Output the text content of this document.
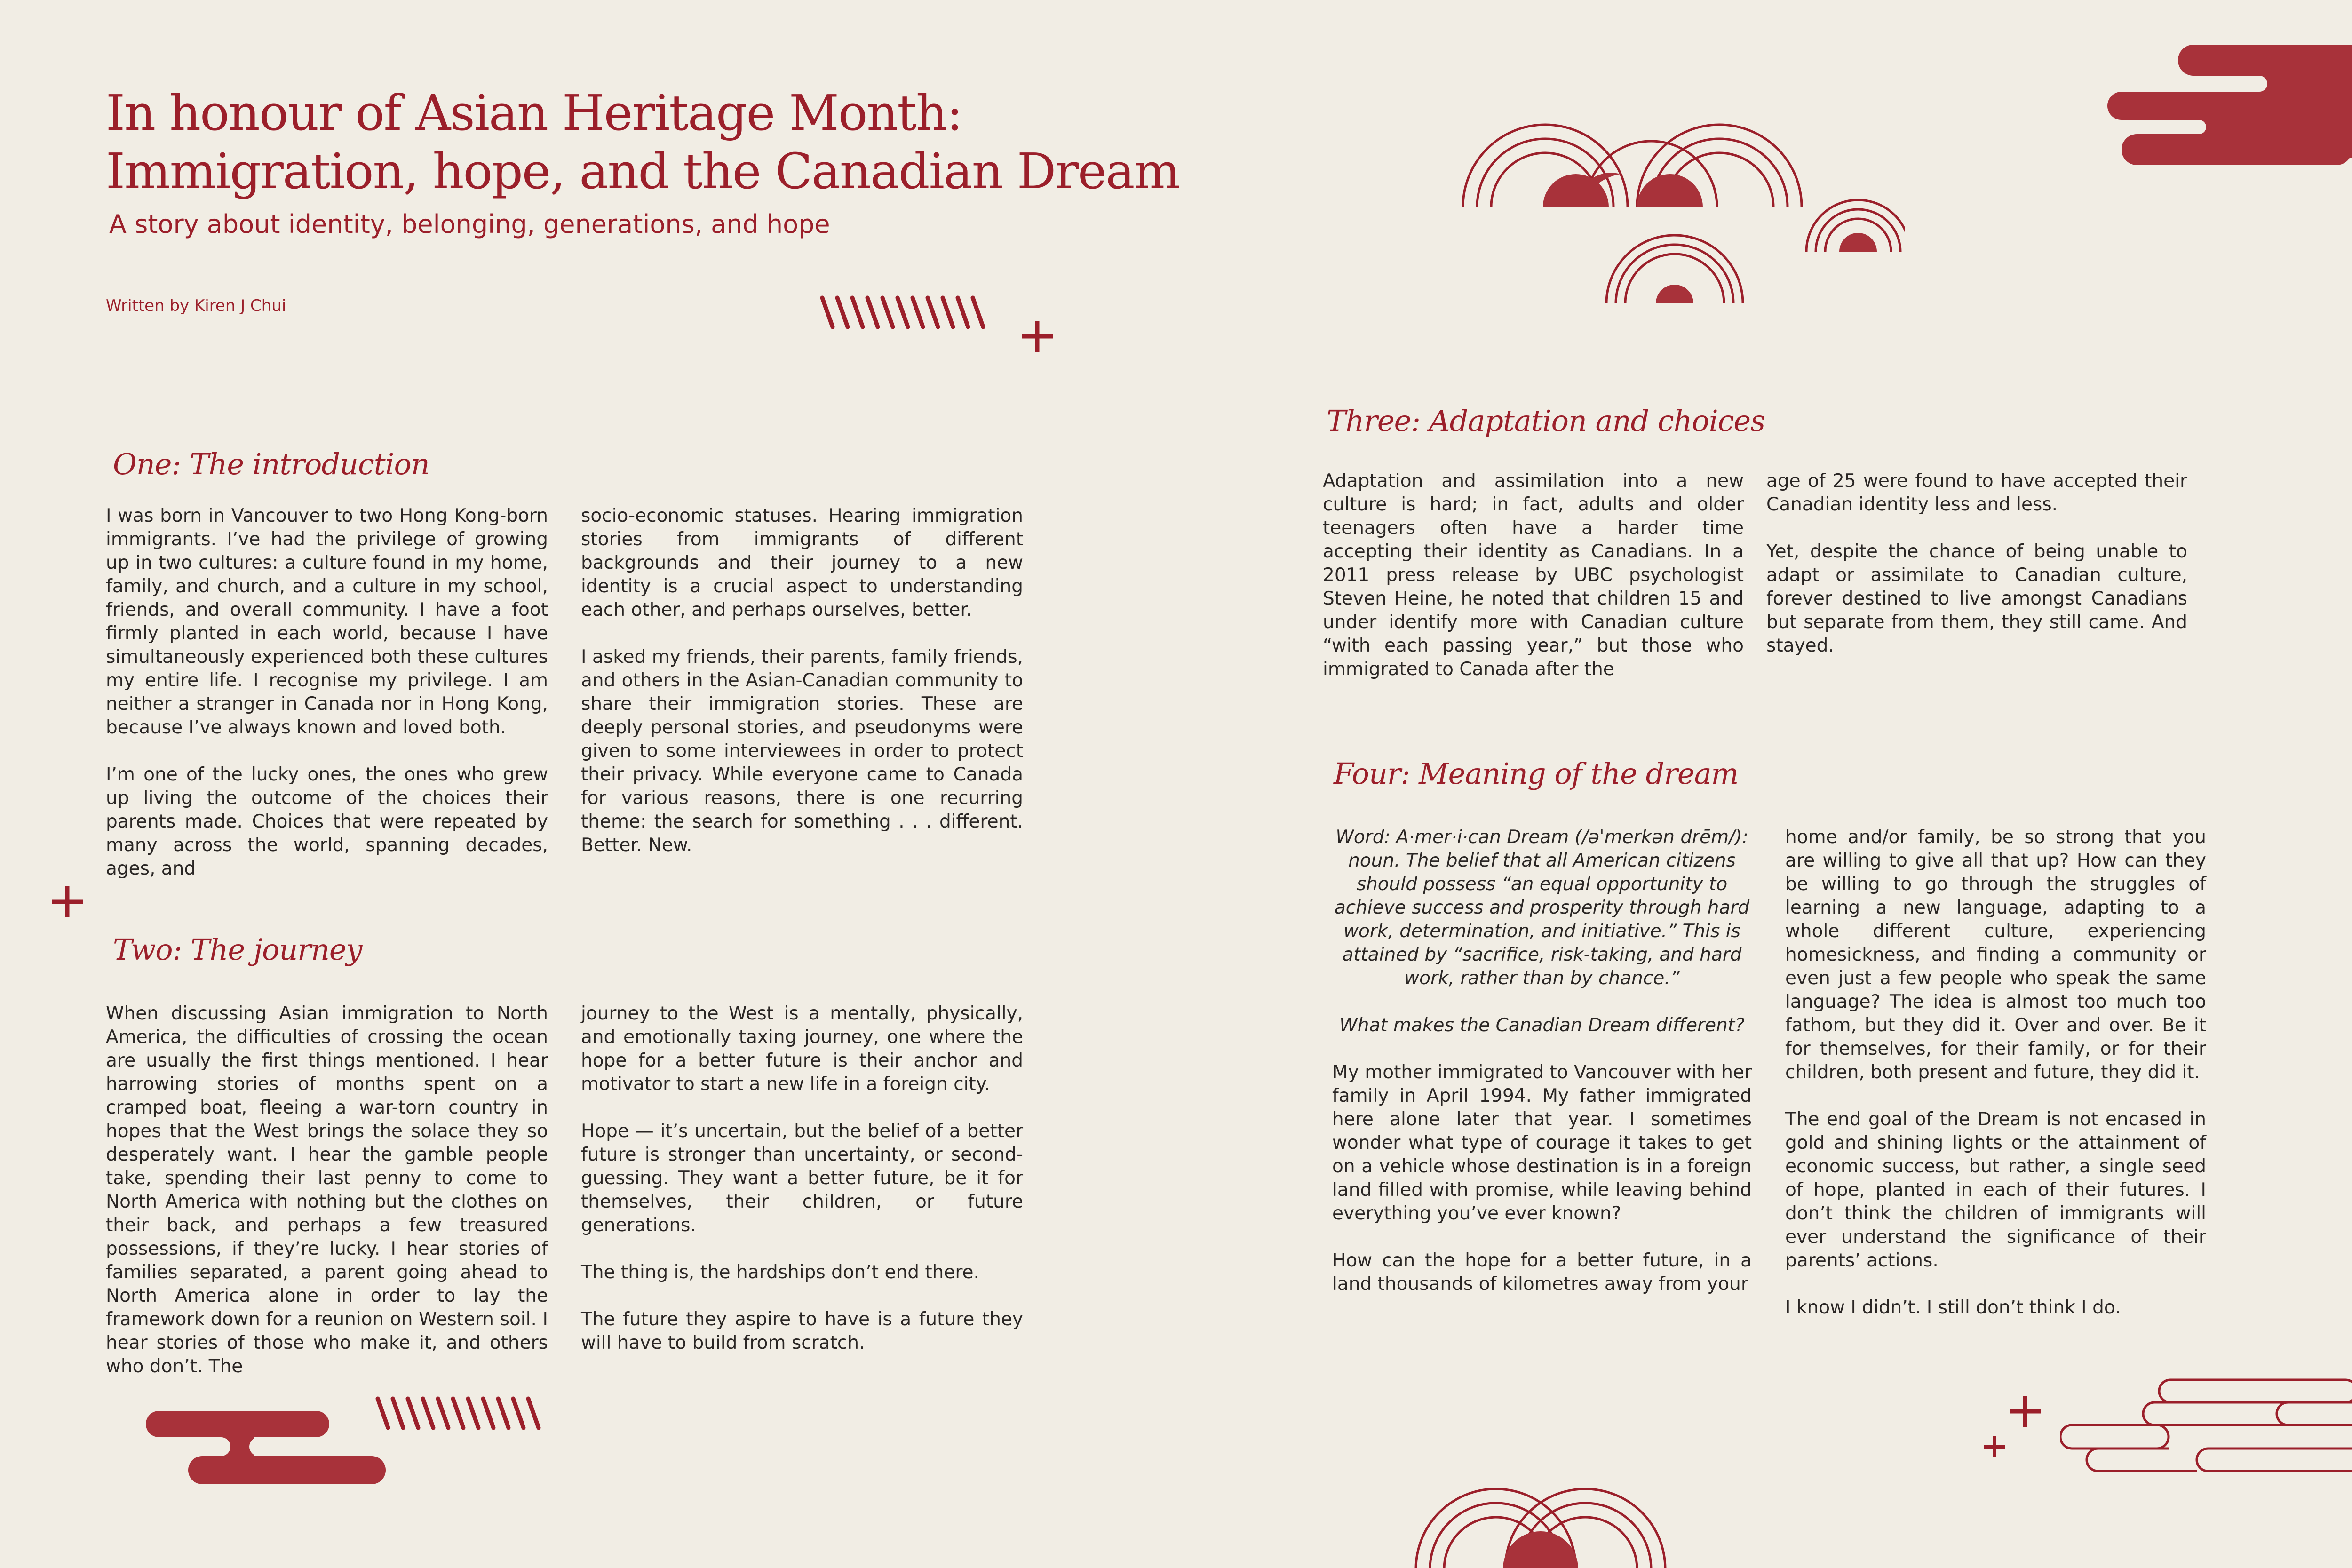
In honour of Asian Heritage Month:
Immigration, hope, and the Canadian Dream
A story about identity, belonging, generations, and hope
Written by Kiren J Chui
One: The introduction

I was born in Vancouver to two Hong Kong-born immigrants. I’ve had the privilege of growing up in two cultures: a culture found in my home, family, and church, and a culture in my school, friends, and overall community. I have a foot firmly planted in each world, because I have simultaneously experienced both these cultures my entire life. I recognise my privilege. I am neither a stranger in Canada nor in Hong Kong, because I’ve always known and loved both.

I’m one of the lucky ones, the ones who grew up living the outcome of the choices their parents made. Choices that were repeated by many across the world, spanning decades, ages, and

socio-economic statuses. Hearing immigration stories from immigrants of different backgrounds and their journey to a new identity is a crucial aspect to understanding each other, and perhaps ourselves, better.

I asked my friends, their parents, family friends, and others in the Asian-Canadian community to share their immigration stories. These are deeply personal stories, and pseudonyms were given to some interviewees in order to protect their privacy. While everyone came to Canada for various reasons, there is one recurring theme: the search for something . . . different. Better. New.

Two: The journey

When discussing Asian immigration to North America, the difficulties of crossing the ocean are usually the first things mentioned. I hear harrowing stories of months spent on a cramped boat, fleeing a war-torn country in hopes that the West brings the solace they so desperately want. I hear the gamble people take, spending their last penny to come to North America with nothing but the clothes on their back, and perhaps a few treasured possessions, if they’re lucky. I hear stories of families separated, a parent going ahead to North America alone in order to lay the framework down for a reunion on Western soil. I hear stories of those who make it, and others who don’t. The

journey to the West is a mentally, physically, and emotionally taxing journey, one where the hope for a better future is their anchor and motivator to start a new life in a foreign city.

Hope — it’s uncertain, but the belief of a better future is stronger than uncertainty, or second-guessing. They want a better future, be it for themselves, their children, or future generations.

The thing is, the hardships don’t end there.

The future they aspire to have is a future they will have to build from scratch.

Three: Adaptation and choices

Adaptation and assimilation into a new culture is hard; in fact, adults and older teenagers often have a harder time accepting their identity as Canadians. In a 2011 press release by UBC psychologist Steven Heine, he noted that children 15 and under identify more with Canadian culture “with each passing year,” but those who immigrated to Canada after the

age of 25 were found to have accepted their Canadian identity less and less.

Yet, despite the chance of being unable to adapt or assimilate to Canadian culture, forever destined to live amongst Canadians but separate from them, they still came. And stayed.

Four: Meaning of the dream

Word: A·mer·i·can Dream (/əˈmerkən drēm/): noun. The belief that all American citizens should possess “an equal opportunity to achieve success and prosperity through hard work, determination, and initiative.” This is attained by “sacrifice, risk-taking, and hard work, rather than by chance.”

What makes the Canadian Dream different?

My mother immigrated to Vancouver with her family in April 1994. My father immigrated here alone later that year. I sometimes wonder what type of courage it takes to get on a vehicle whose destination is in a foreign land filled with promise, while leaving behind everything you’ve ever known?

How can the hope for a better future, in a land thousands of kilometres away from your

home and/or family, be so strong that you are willing to give all that up? How can they be willing to go through the struggles of learning a new language, adapting to a whole different culture, experiencing homesickness, and finding a community or even just a few people who speak the same language? The idea is almost too much too fathom, but they did it. Over and over. Be it for themselves, for their family, or for their children, both present and future, they did it.

The end goal of the Dream is not encased in gold and shining lights or the attainment of economic success, but rather, a single seed of hope, planted in each of their futures. I don’t think the children of immigrants will ever understand the significance of their parents’ actions.

I know I didn’t. I still don’t think I do.
